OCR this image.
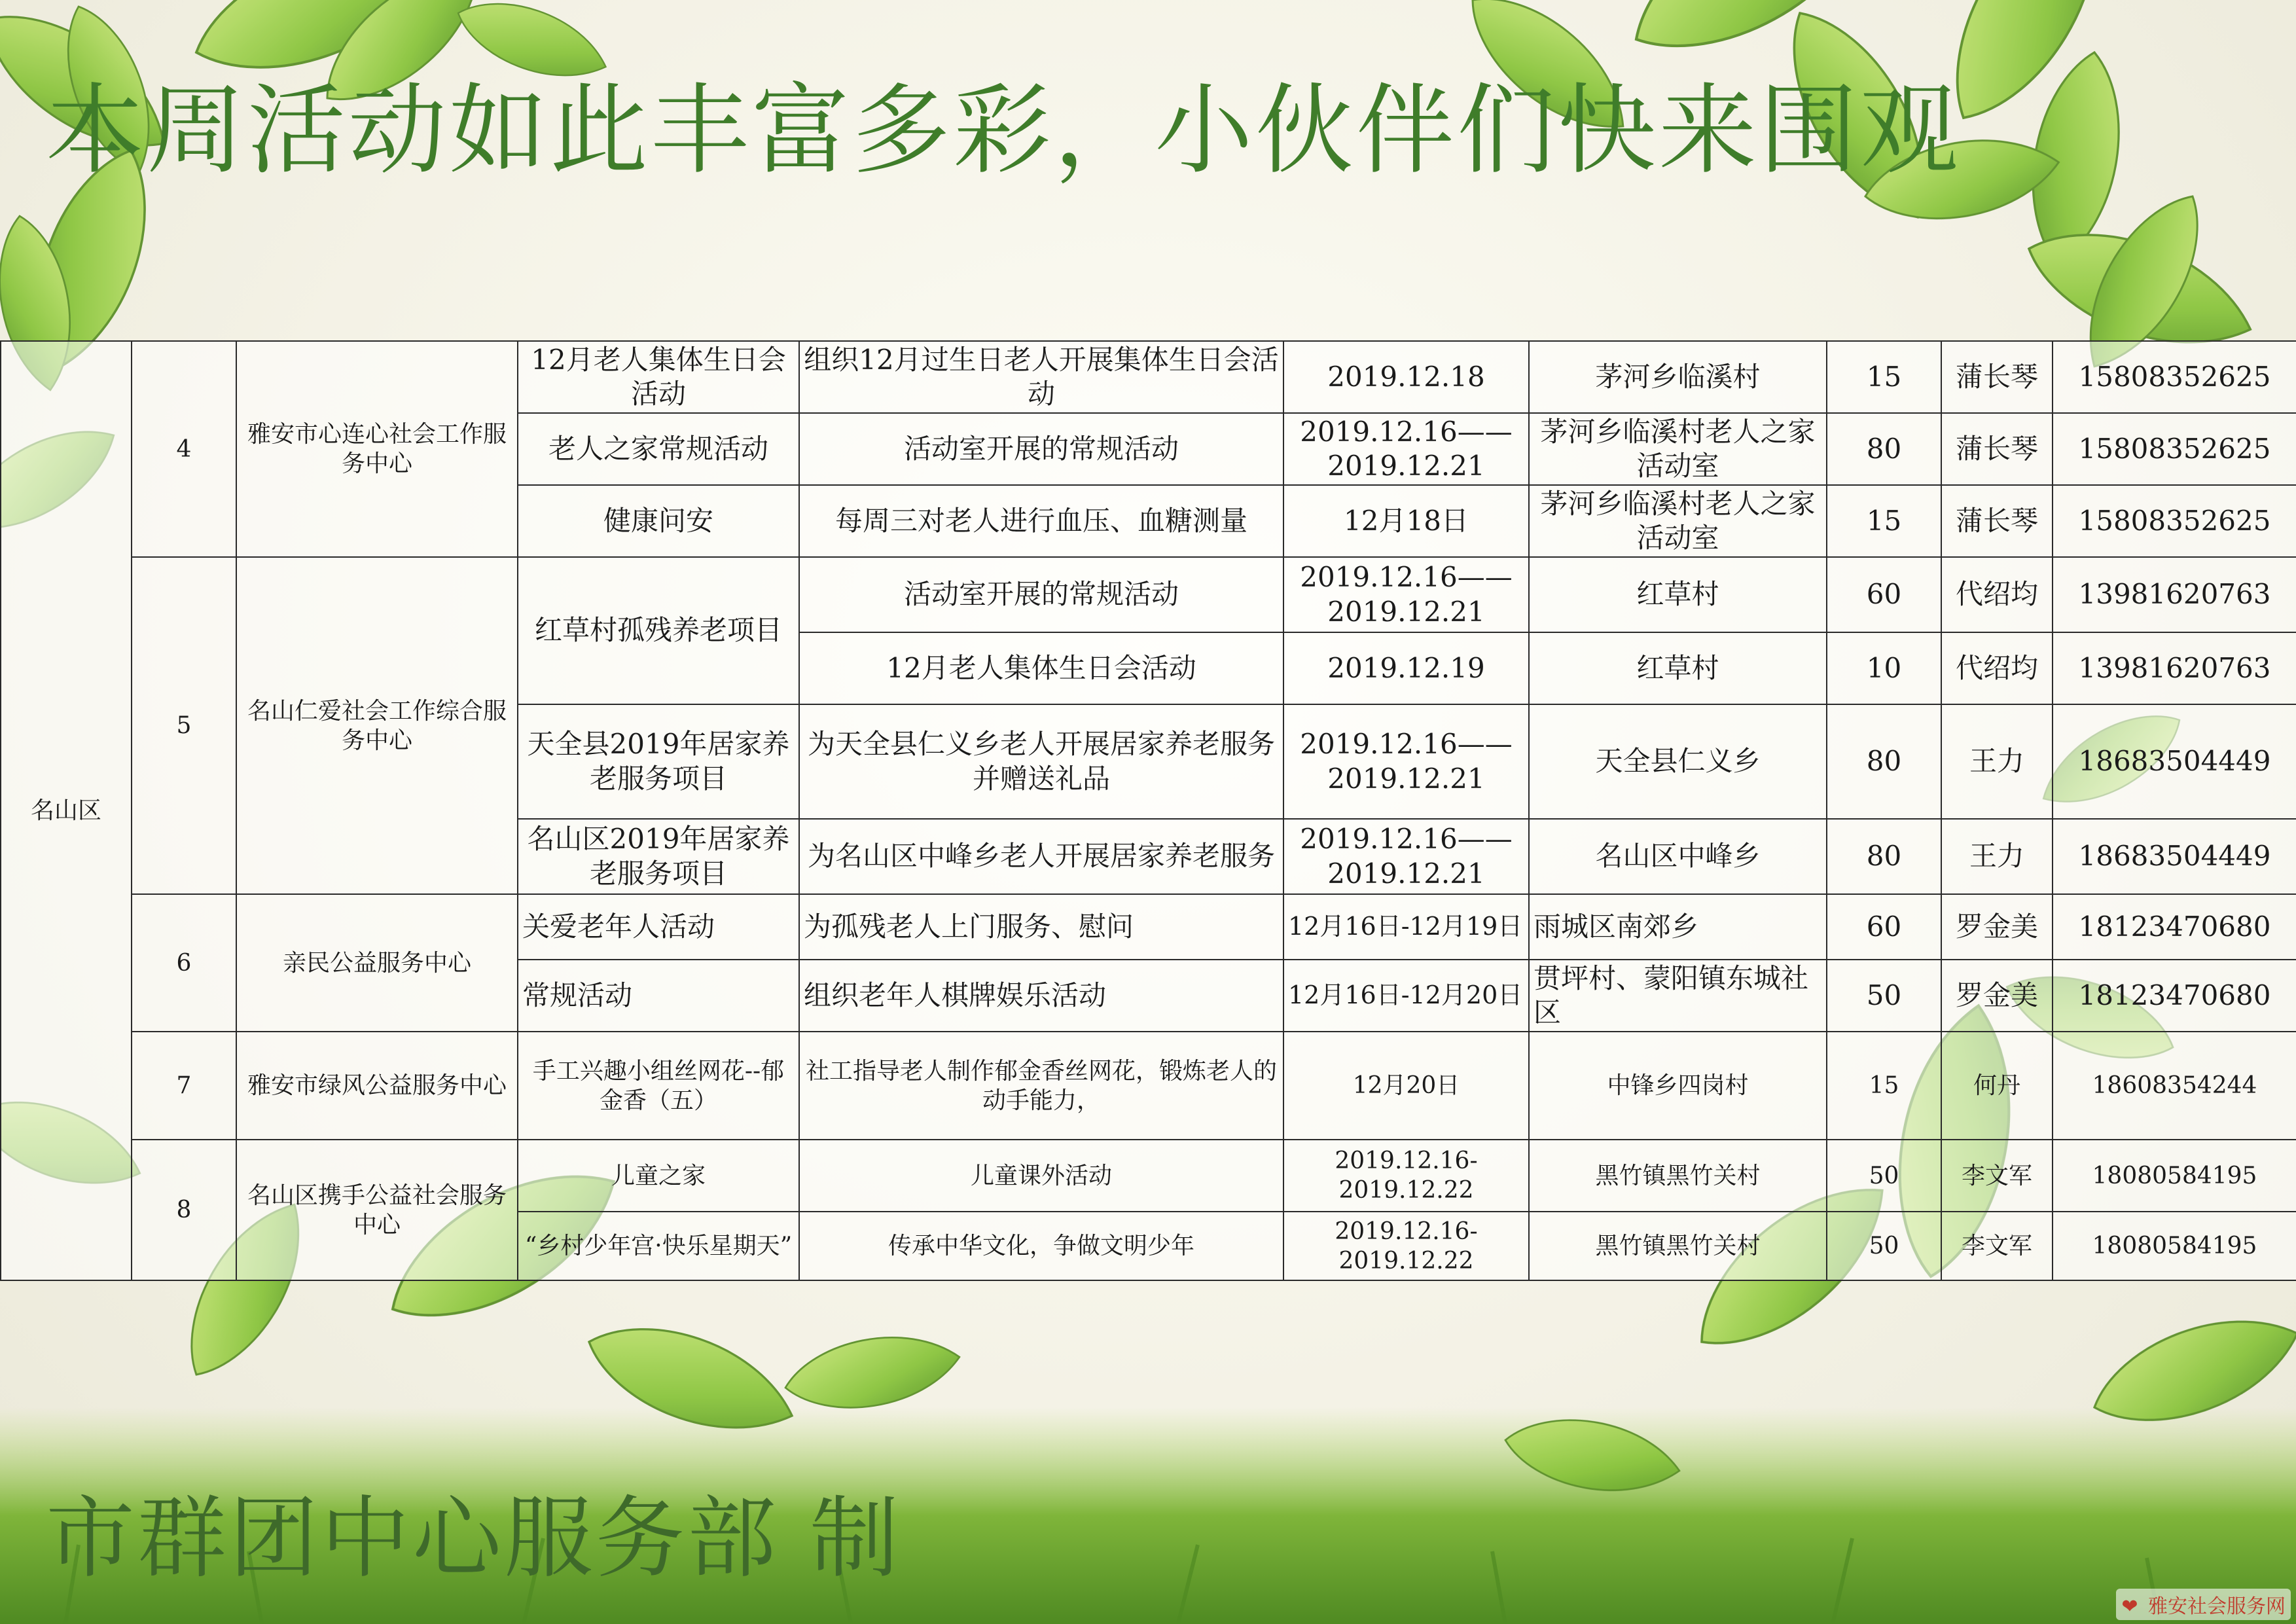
本周活动如此丰富多彩，小伙伴们快来围观
名山区	4	雅安市心连心社会工作服务中心	12月老人集体生日会活动	组织12月过生日老人开展集体生日会活动	2019.12.18	茅河乡临溪村	15	蒲长琴	15808352625
			老人之家常规活动	活动室开展的常规活动	2019.12.16——2019.12.21	茅河乡临溪村老人之家活动室	80	蒲长琴	15808352625
			健康问安	每周三对老人进行血压、血糖测量	12月18日	茅河乡临溪村老人之家活动室	15	蒲长琴	15808352625
	5	名山仁爱社会工作综合服务中心	红草村孤残养老项目	活动室开展的常规活动	2019.12.16——2019.12.21	红草村	60	代绍均	13981620763
				12月老人集体生日会活动	2019.12.19	红草村	10	代绍均	13981620763
			天全县2019年居家养老服务项目	为天全县仁义乡老人开展居家养老服务并赠送礼品	2019.12.16——2019.12.21	天全县仁义乡	80	王力	18683504449
			名山区2019年居家养老服务项目	为名山区中峰乡老人开展居家养老服务	2019.12.16——2019.12.21	名山区中峰乡	80	王力	18683504449
	6	亲民公益服务中心	关爱老年人活动	为孤残老人上门服务、慰问	12月16日-12月19日	雨城区南郊乡	60	罗金美	18123470680
			常规活动	组织老年人棋牌娱乐活动	12月16日-12月20日	贯坪村、蒙阳镇东城社区	50	罗金美	18123470680
	7	雅安市绿风公益服务中心	手工兴趣小组丝网花--郁金香（五）	社工指导老人制作郁金香丝网花，锻炼老人的动手能力，	12月20日	中锋乡四岗村	15	何丹	18608354244
	8	名山区携手公益社会服务中心	儿童之家	儿童课外活动	2019.12.16-2019.12.22	黑竹镇黑竹关村	50	李文军	18080584195
			“乡村少年宫·快乐星期天”	传承中华文化，争做文明少年	2019.12.16-2019.12.22	黑竹镇黑竹关村	50	李文军	18080584195
市群团中心服务部 制
❤ 雅安社会服务网
